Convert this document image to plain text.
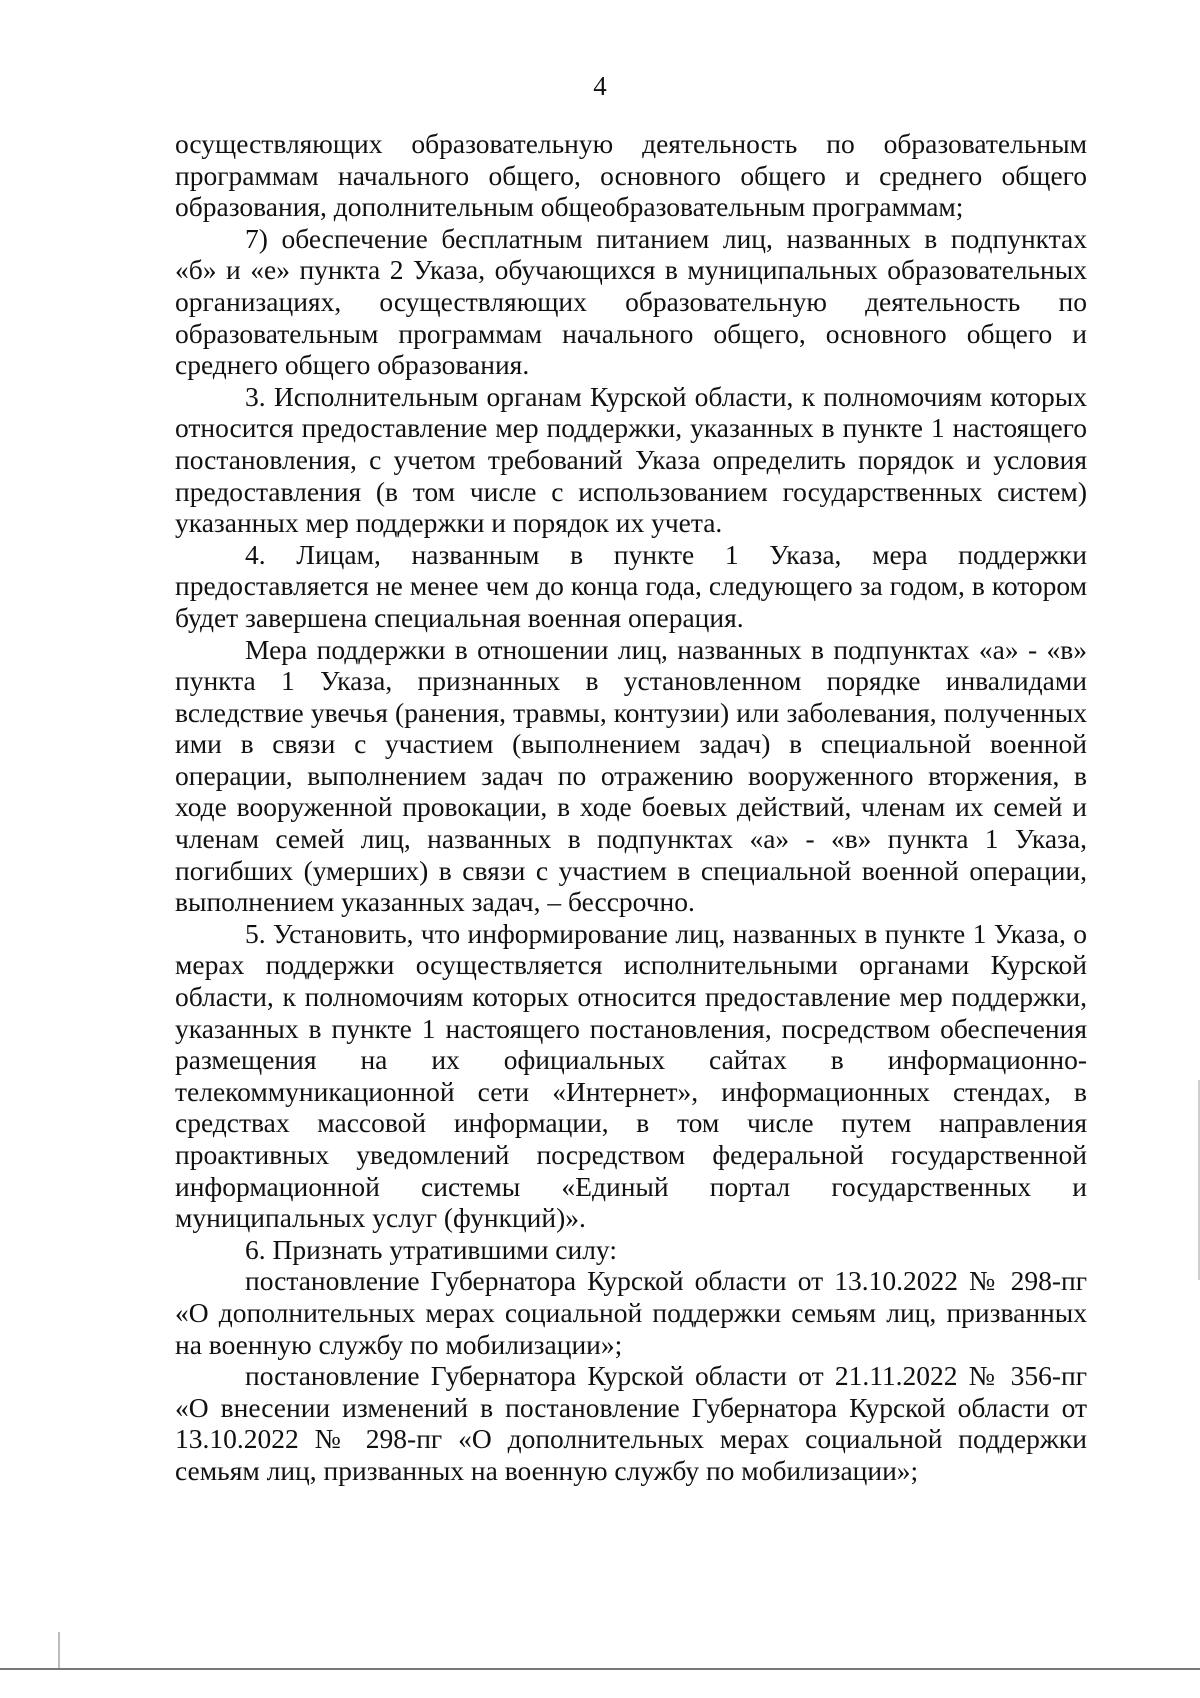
4

осуществляющих образовательную деятельность по образовательным программам начального общего, основного общего и среднего общего образования, дополнительным общеобразовательным программам;

7) обеспечение бесплатным питанием лиц, названных в подпунктах «б» и «е» пункта 2 Указа, обучающихся в муниципальных образовательных организациях, осуществляющих образовательную деятельность по образовательным программам начального общего, основного общего и среднего общего образования.

3. Исполнительным органам Курской области, к полномочиям которых относится предоставление мер поддержки, указанных в пункте 1 настоящего постановления, с учетом требований Указа определить порядок и условия предоставления (в том числе с использованием государственных систем) указанных мер поддержки и порядок их учета.

4. Лицам, названным в пункте 1 Указа, мера поддержки предоставляется не менее чем до конца года, следующего за годом, в котором будет завершена специальная военная операция.

Мера поддержки в отношении лиц, названных в подпунктах «а» - «в» пункта 1 Указа, признанных в установленном порядке инвалидами вследствие увечья (ранения, травмы, контузии) или заболевания, полученных ими в связи с участием (выполнением задач) в специальной военной операции, выполнением задач по отражению вооруженного вторжения, в ходе вооруженной провокации, в ходе боевых действий, членам их семей и членам семей лиц, названных в подпунктах «а» - «в» пункта 1 Указа, погибших (умерших) в связи с участием в специальной военной операции, выполнением указанных задач, – бессрочно.

5. Установить, что информирование лиц, названных в пункте 1 Указа, о мерах поддержки осуществляется исполнительными органами Курской области, к полномочиям которых относится предоставление мер поддержки, указанных в пункте 1 настоящего постановления, посредством обеспечения размещения на их официальных сайтах в информационно-телекоммуникационной сети «Интернет», информационных стендах, в средствах массовой информации, в том числе путем направления проактивных уведомлений посредством федеральной государственной информационной системы «Единый портал государственных и муниципальных услуг (функций)».

6. Признать утратившими силу:

постановление Губернатора Курской области от 13.10.2022 № 298-пг «О дополнительных мерах социальной поддержки семьям лиц, призванных на военную службу по мобилизации»;

постановление Губернатора Курской области от 21.11.2022 № 356-пг «О внесении изменений в постановление Губернатора Курской области от 13.10.2022 № 298-пг «О дополнительных мерах социальной поддержки семьям лиц, призванных на военную службу по мобилизации»;
